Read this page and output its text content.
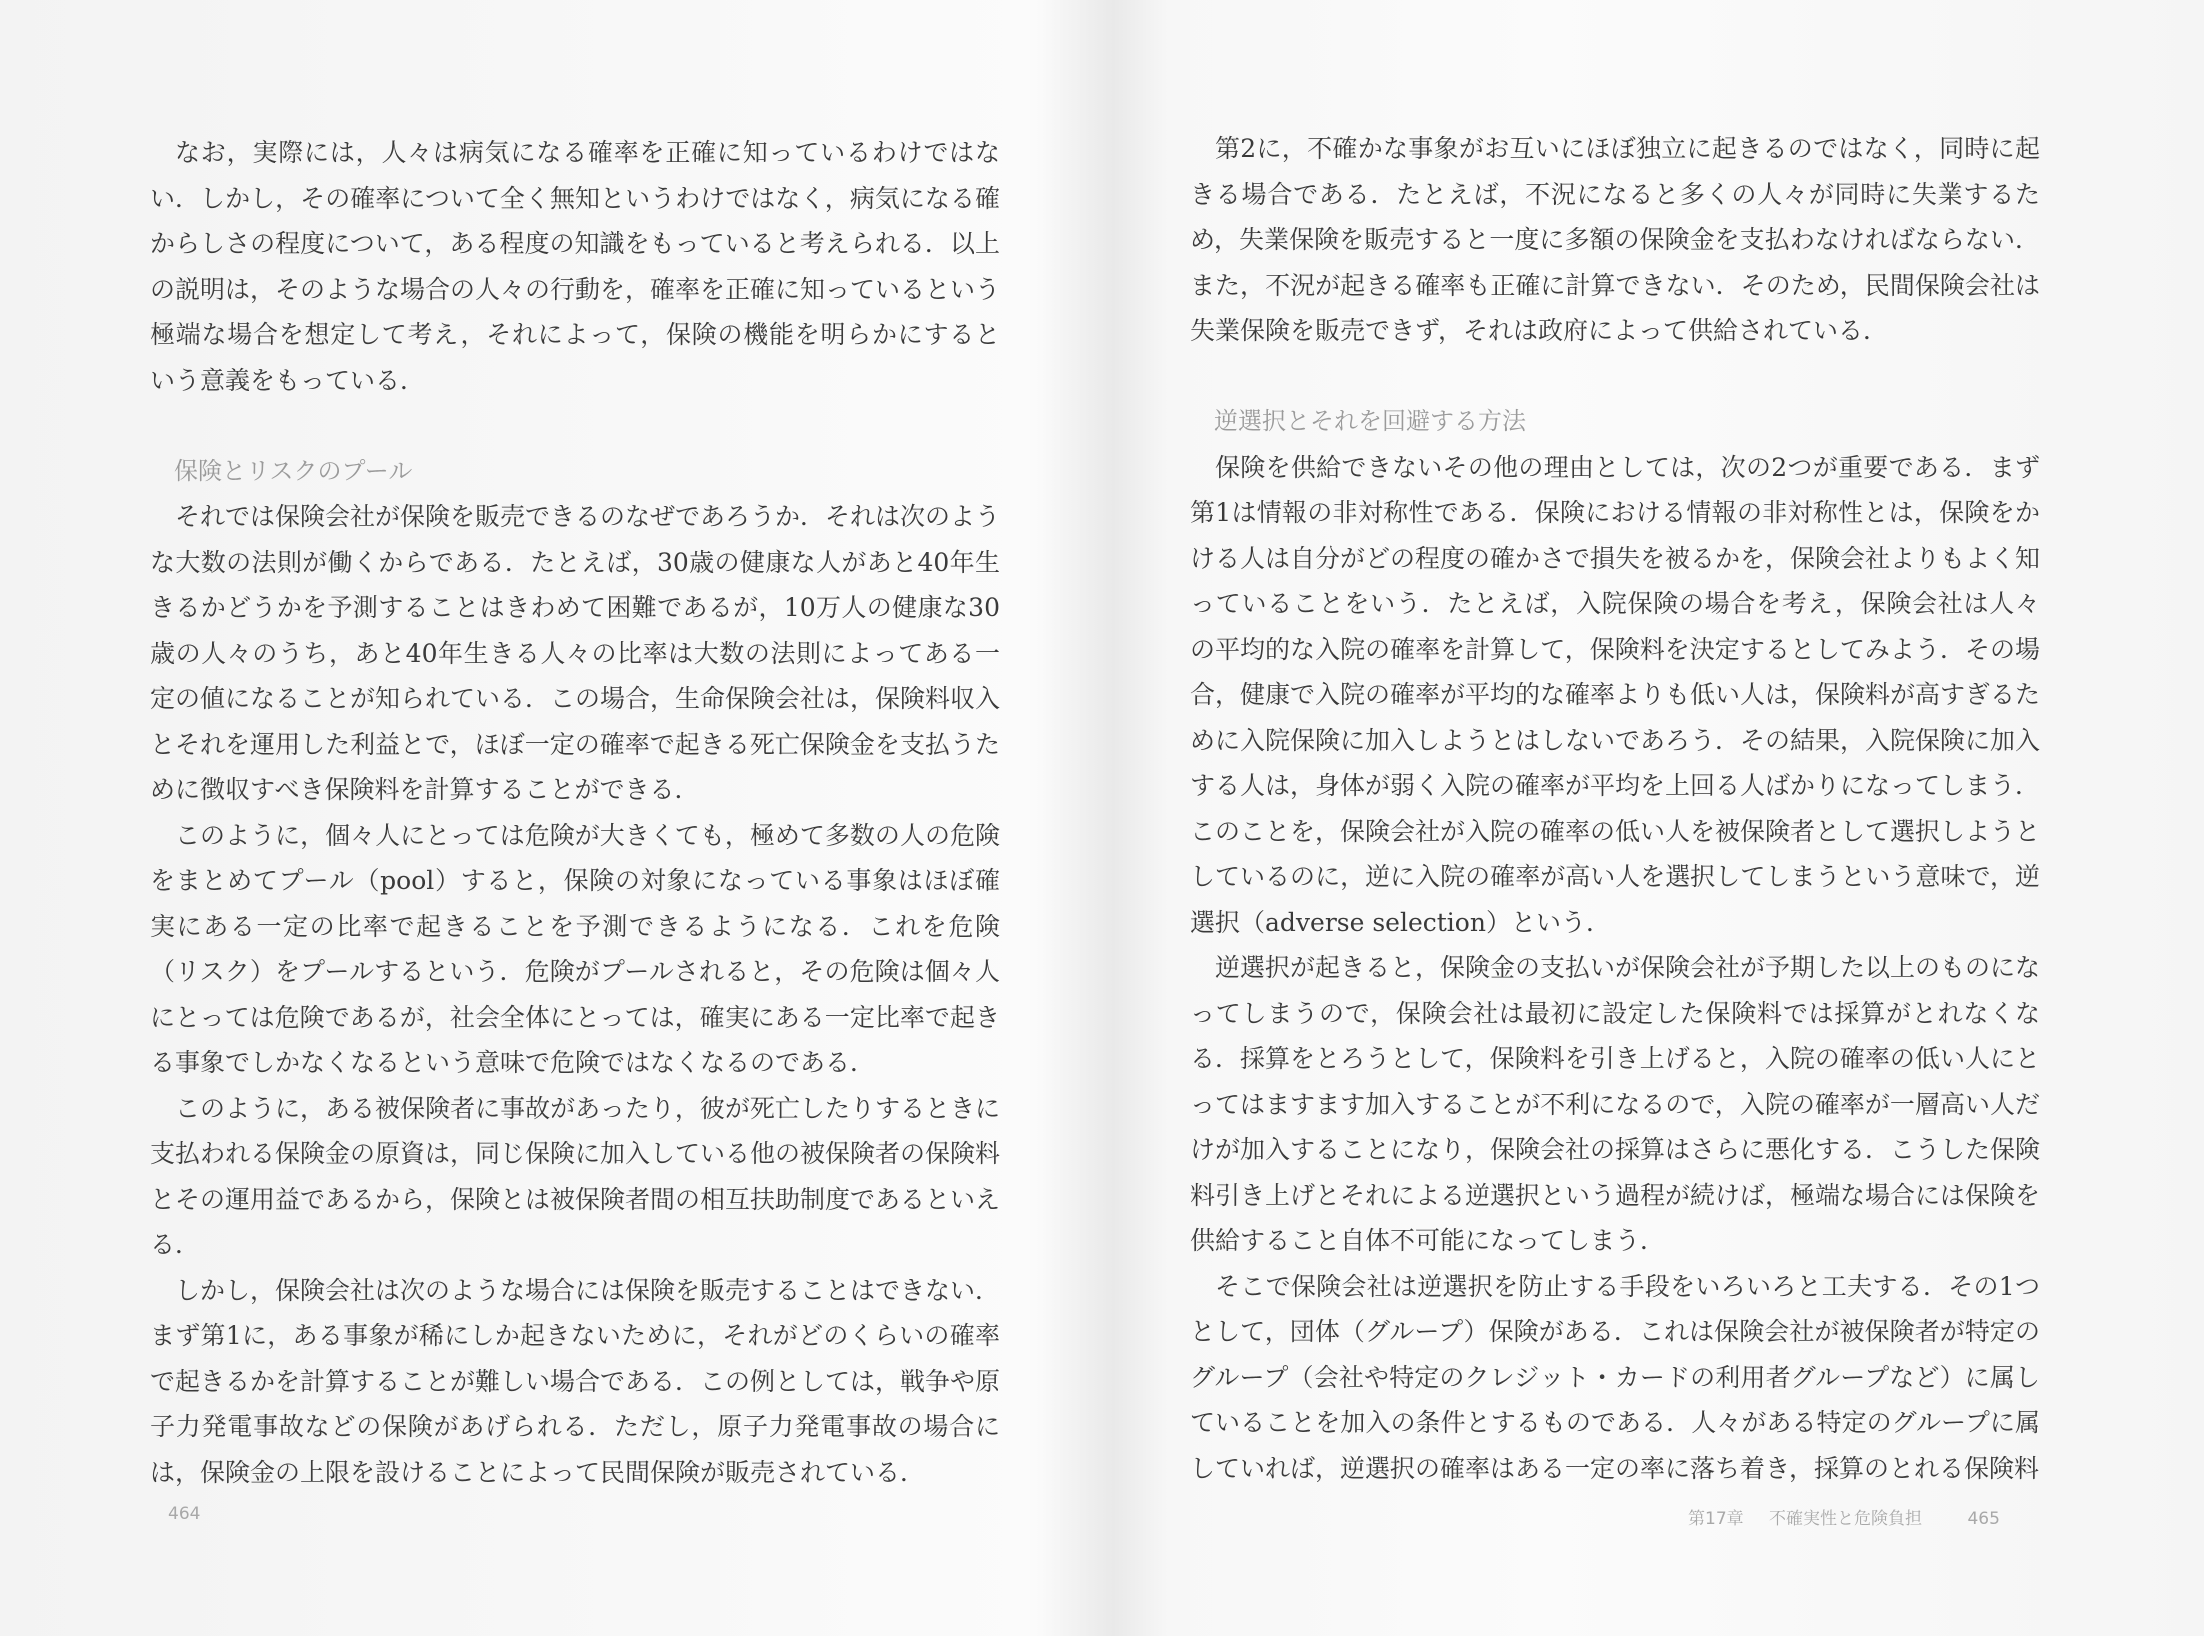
なお，実際には，人々は病気になる確率を正確に知っているわけではない．しかし，その確率について全く無知というわけではなく，病気になる確からしさの程度について，ある程度の知識をもっていると考えられる．以上の説明は，そのような場合の人々の行動を，確率を正確に知っているという極端な場合を想定して考え，それによって，保険の機能を明らかにするという意義をもっている．

保険とリスクのプール

それでは保険会社が保険を販売できるのなぜであろうか．それは次のような大数の法則が働くからである．たとえば，30歳の健康な人があと40年生きるかどうかを予測することはきわめて困難であるが，10万人の健康な30歳の人々のうち，あと40年生きる人々の比率は大数の法則によってある一定の値になることが知られている．この場合，生命保険会社は，保険料収入とそれを運用した利益とで，ほぼ一定の確率で起きる死亡保険金を支払うために徴収すべき保険料を計算することができる．

このように，個々人にとっては危険が大きくても，極めて多数の人の危険をまとめてプール（pool）すると，保険の対象になっている事象はほぼ確実にある一定の比率で起きることを予測できるようになる．これを危険（リスク）をプールするという．危険がプールされると，その危険は個々人にとっては危険であるが，社会全体にとっては，確実にある一定比率で起きる事象でしかなくなるという意味で危険ではなくなるのである．

このように，ある被保険者に事故があったり，彼が死亡したりするときに支払われる保険金の原資は，同じ保険に加入している他の被保険者の保険料とその運用益であるから，保険とは被保険者間の相互扶助制度であるといえる．

しかし，保険会社は次のような場合には保険を販売することはできない．まず第1に，ある事象が稀にしか起きないために，それがどのくらいの確率で起きるかを計算することが難しい場合である．この例としては，戦争や原子力発電事故などの保険があげられる．ただし，原子力発電事故の場合には，保険金の上限を設けることによって民間保険が販売されている．

464

第2に，不確かな事象がお互いにほぼ独立に起きるのではなく，同時に起きる場合である．たとえば，不況になると多くの人々が同時に失業するため，失業保険を販売すると一度に多額の保険金を支払わなければならない．また，不況が起きる確率も正確に計算できない．そのため，民間保険会社は失業保険を販売できず，それは政府によって供給されている．

逆選択とそれを回避する方法

保険を供給できないその他の理由としては，次の2つが重要である．まず第1は情報の非対称性である．保険における情報の非対称性とは，保険をかける人は自分がどの程度の確かさで損失を被るかを，保険会社よりもよく知っていることをいう．たとえば，入院保険の場合を考え，保険会社は人々の平均的な入院の確率を計算して，保険料を決定するとしてみよう．その場合，健康で入院の確率が平均的な確率よりも低い人は，保険料が高すぎるために入院保険に加入しようとはしないであろう．その結果，入院保険に加入する人は，身体が弱く入院の確率が平均を上回る人ばかりになってしまう．このことを，保険会社が入院の確率の低い人を被保険者として選択しようとしているのに，逆に入院の確率が高い人を選択してしまうという意味で，逆選択（adverse selection）という．

逆選択が起きると，保険金の支払いが保険会社が予期した以上のものになってしまうので，保険会社は最初に設定した保険料では採算がとれなくなる．採算をとろうとして，保険料を引き上げると，入院の確率の低い人にとってはますます加入することが不利になるので，入院の確率が一層高い人だけが加入することになり，保険会社の採算はさらに悪化する．こうした保険料引き上げとそれによる逆選択という過程が続けば，極端な場合には保険を供給すること自体不可能になってしまう．

そこで保険会社は逆選択を防止する手段をいろいろと工夫する．その1つとして，団体（グループ）保険がある．これは保険会社が被保険者が特定のグループ（会社や特定のクレジット・カードの利用者グループなど）に属していることを加入の条件とするものである．人々がある特定のグループに属していれば，逆選択の確率はある一定の率に落ち着き，採算のとれる保険料

第17章 不確実性と危険負担	465
